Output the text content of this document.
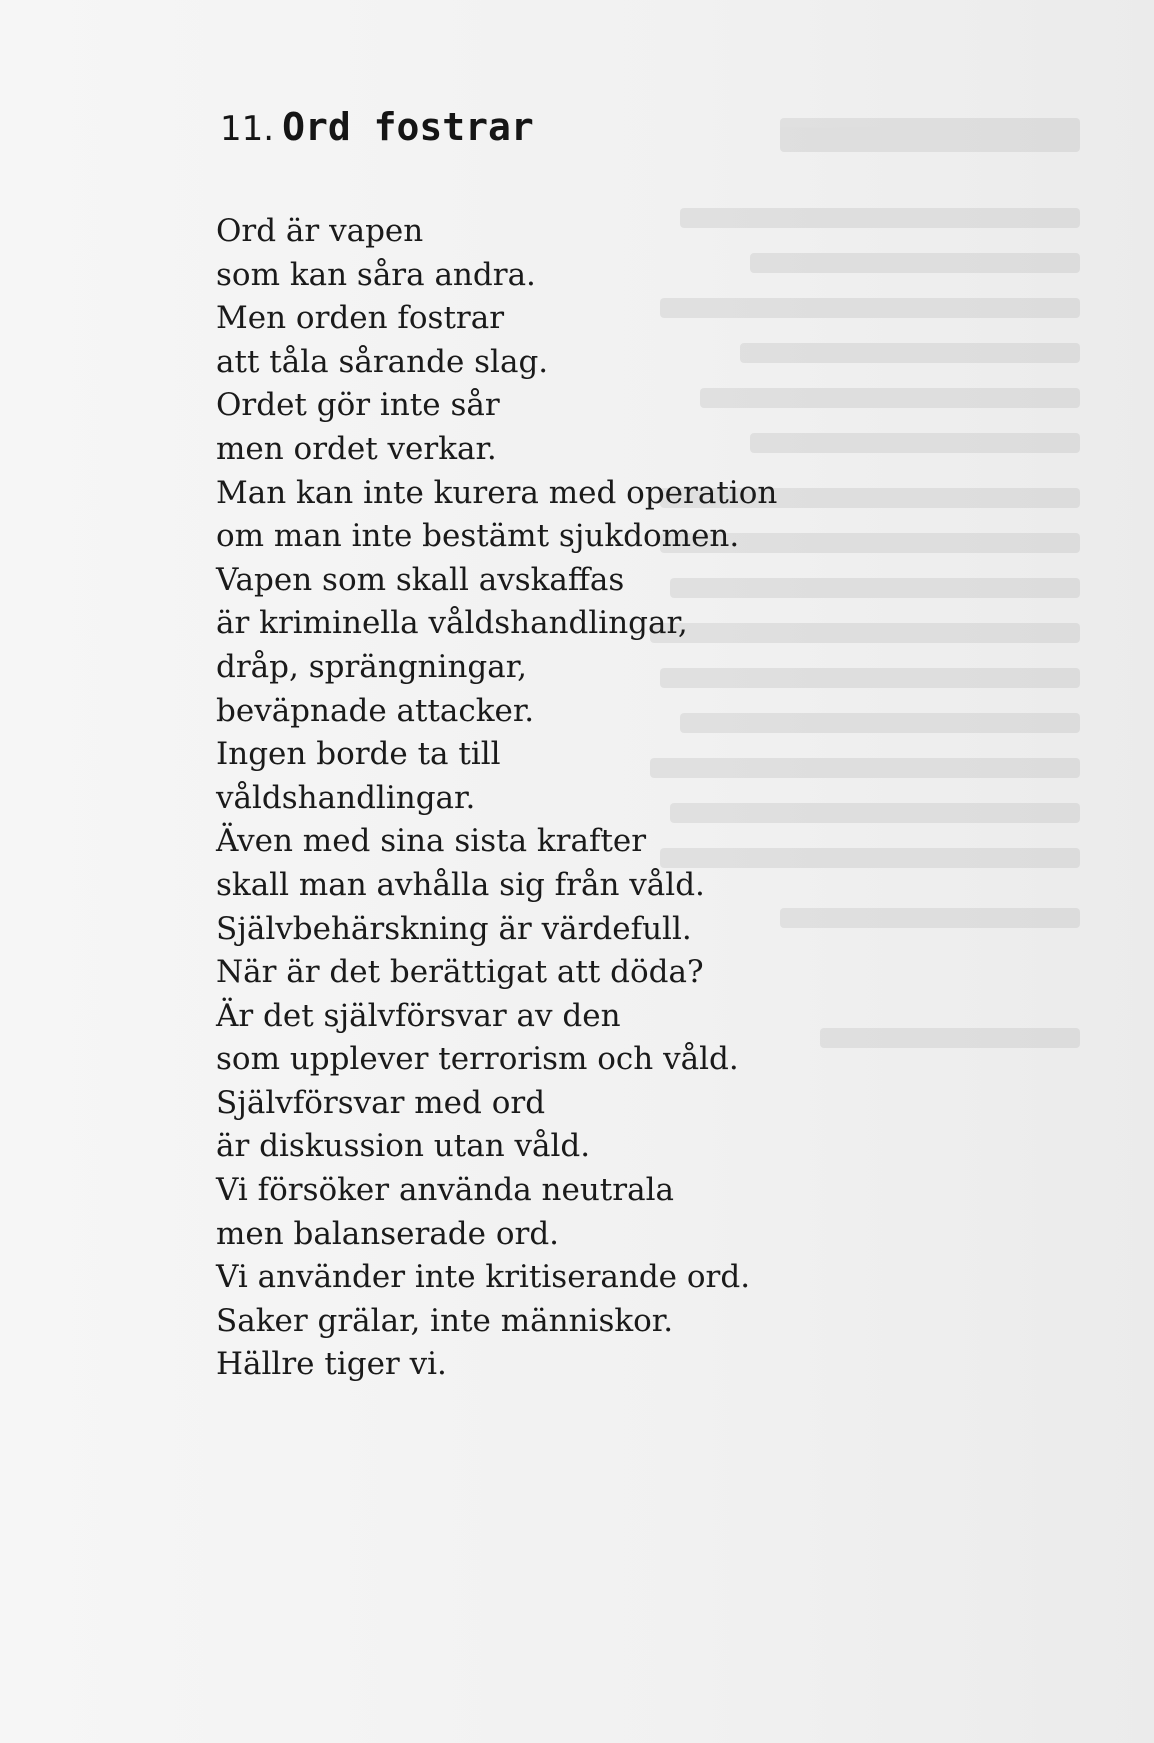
11. Ord fostrar
Ord är vapen
som kan såra andra.
Men orden fostrar
att tåla sårande slag.
Ordet gör inte sår
men ordet verkar.
Man kan inte kurera med operation
om man inte bestämt sjukdomen.
Vapen som skall avskaffas
är kriminella våldshandlingar,
dråp, sprängningar,
beväpnade attacker.
Ingen borde ta till
våldshandlingar.
Även med sina sista krafter
skall man avhålla sig från våld.
Självbehärskning är värdefull.
När är det berättigat att döda?
Är det självförsvar av den
som upplever terrorism och våld.
Självförsvar med ord
är diskussion utan våld.
Vi försöker använda neutrala
men balanserade ord.
Vi använder inte kritiserande ord.
Saker grälar, inte människor.
Hällre tiger vi.
